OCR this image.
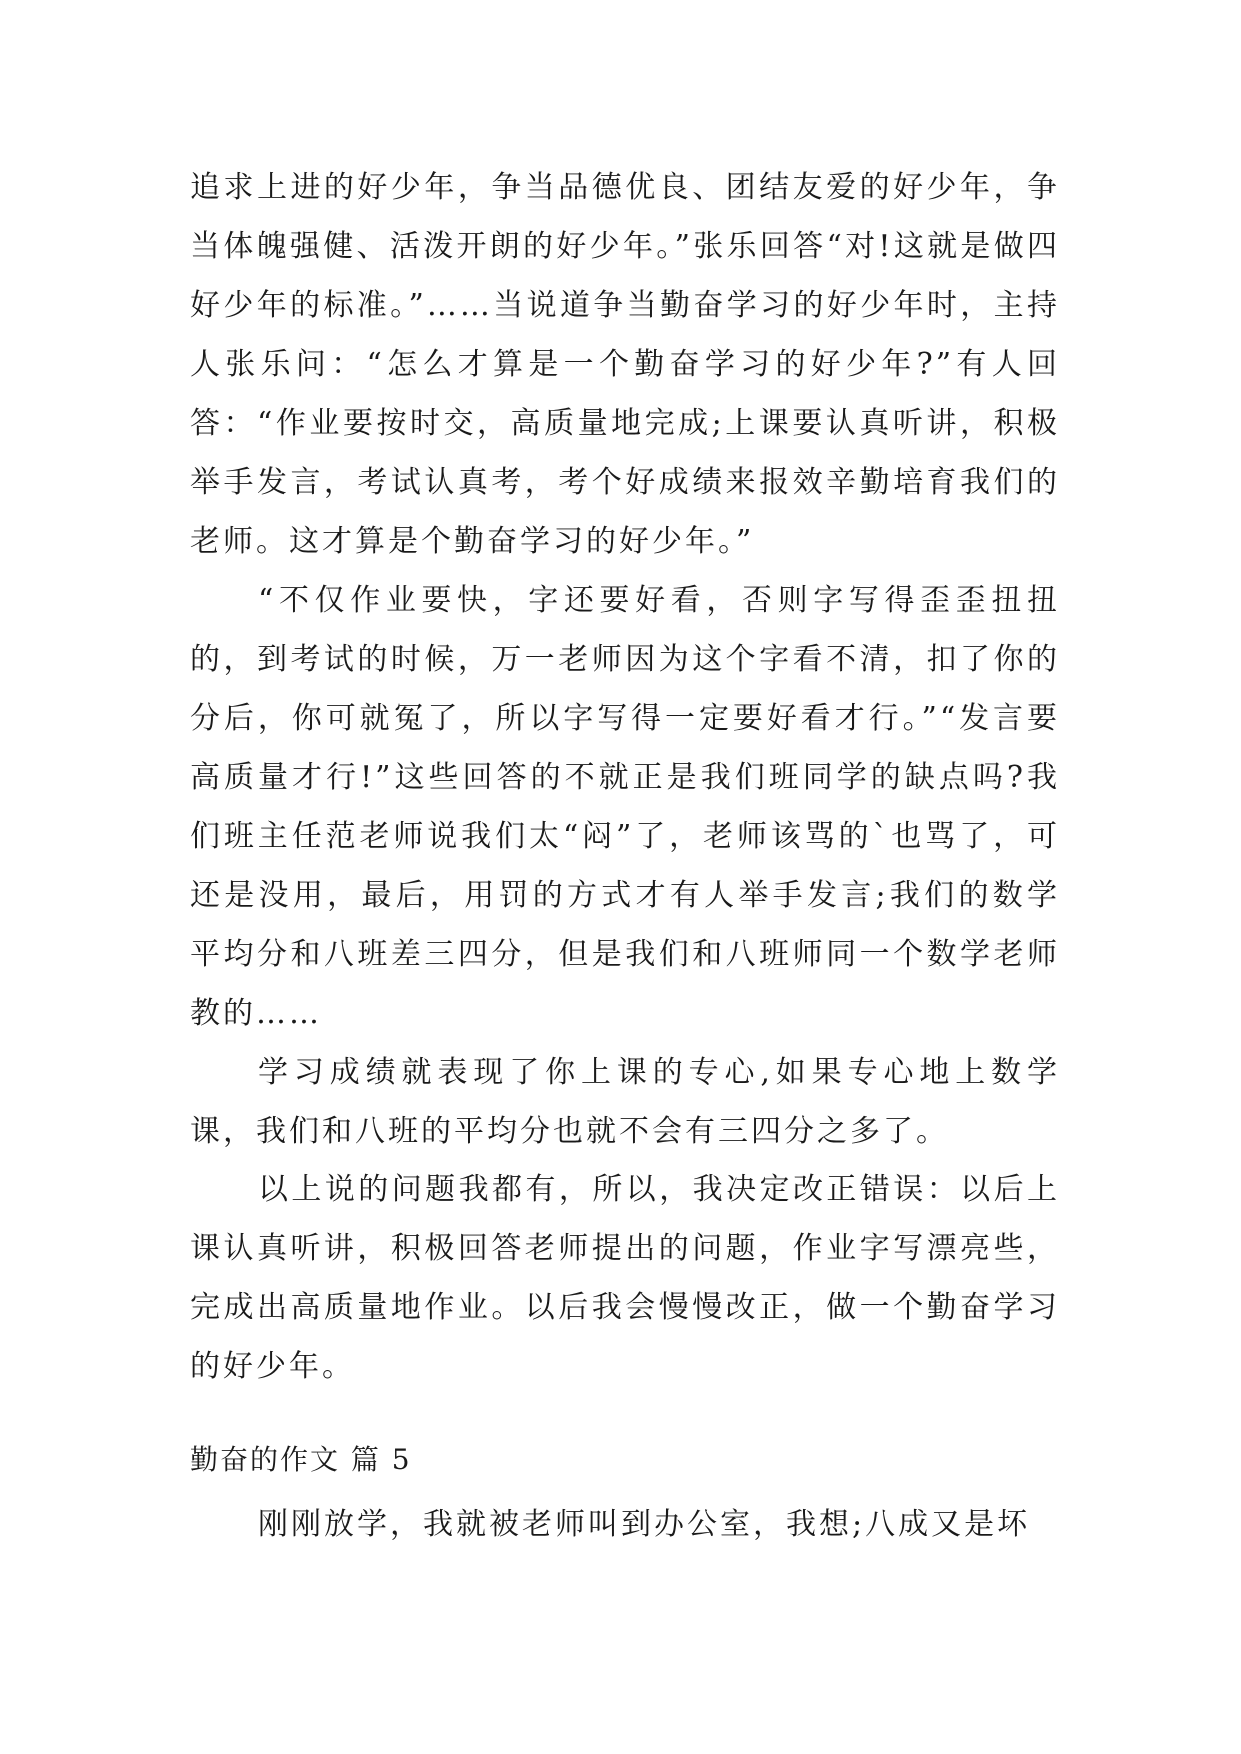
追求上进的好少年，争当品德优良、团结友爱的好少年，争当体魄强健、活泼开朗的好少年。”张乐回答“对!这就是做四好少年的标准。”……当说道争当勤奋学习的好少年时，主持人张乐问：“怎么才算是一个勤奋学习的好少年?”有人回答：“作业要按时交，高质量地完成;上课要认真听讲，积极举手发言，考试认真考，考个好成绩来报效辛勤培育我们的老师。这才算是个勤奋学习的好少年。”

“不仅作业要快，字还要好看，否则字写得歪歪扭扭的，到考试的时候，万一老师因为这个字看不清，扣了你的分后，你可就冤了，所以字写得一定要好看才行。”“发言要高质量才行!”这些回答的不就正是我们班同学的缺点吗?我们班主任范老师说我们太“闷”了，老师该骂的`也骂了，可还是没用，最后，用罚的方式才有人举手发言;我们的数学平均分和八班差三四分，但是我们和八班师同一个数学老师教的……

学习成绩就表现了你上课的专心,如果专心地上数学课，我们和八班的平均分也就不会有三四分之多了。

以上说的问题我都有，所以，我决定改正错误：以后上课认真听讲，积极回答老师提出的问题，作业字写漂亮些，完成出高质量地作业。以后我会慢慢改正，做一个勤奋学习的好少年。

勤奋的作文 篇 5

刚刚放学，我就被老师叫到办公室，我想;八成又是坏
